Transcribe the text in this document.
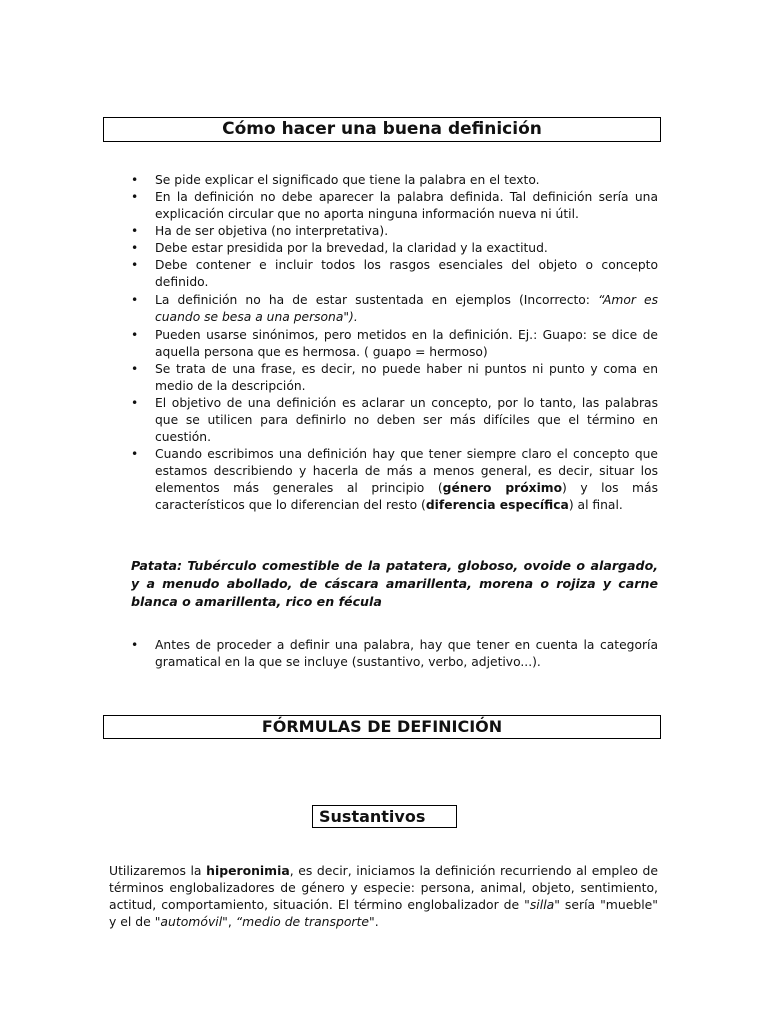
Cómo hacer una buena definición
• Se pide explicar el significado que tiene la palabra en el texto.
• En la definición no debe aparecer la palabra definida. Tal definición sería una explicación circular que no aporta ninguna información nueva ni útil.
• Ha de ser objetiva (no interpretativa).
• Debe estar presidida por la brevedad, la claridad y la exactitud.
• Debe contener e incluir todos los rasgos esenciales del objeto o concepto definido.
• La definición no ha de estar sustentada en ejemplos (Incorrecto: “Amor es cuando se besa a una persona").
• Pueden usarse sinónimos, pero metidos en la definición. Ej.: Guapo: se dice de aquella persona que es hermosa. ( guapo = hermoso)
• Se trata de una frase, es decir, no puede haber ni puntos ni punto y coma en medio de la descripción.
• El objetivo de una definición es aclarar un concepto, por lo tanto, las palabras que se utilicen para definirlo no deben ser más difíciles que el término en cuestión.
• Cuando escribimos una definición hay que tener siempre claro el concepto que estamos describiendo y hacerla de más a menos general, es decir, situar los elementos más generales al principio (género próximo) y los más característicos que lo diferencian del resto (diferencia específica) al final.

Patata: Tubérculo comestible de la patatera, globoso, ovoide o alargado, y a menudo abollado, de cáscara amarillenta, morena o rojiza y carne blanca o amarillenta, rico en fécula

• Antes de proceder a definir una palabra, hay que tener en cuenta la categoría gramatical en la que se incluye (sustantivo, verbo, adjetivo...).
FÓRMULAS DE DEFINICIÓN
Sustantivos

Utilizaremos la hiperonimia, es decir, iniciamos la definición recurriendo al empleo de términos englobalizadores de género y especie: persona, animal, objeto, sentimiento, actitud, comportamiento, situación. El término englobalizador de "silla" sería "mueble" y el de "automóvil", “medio de transporte".
